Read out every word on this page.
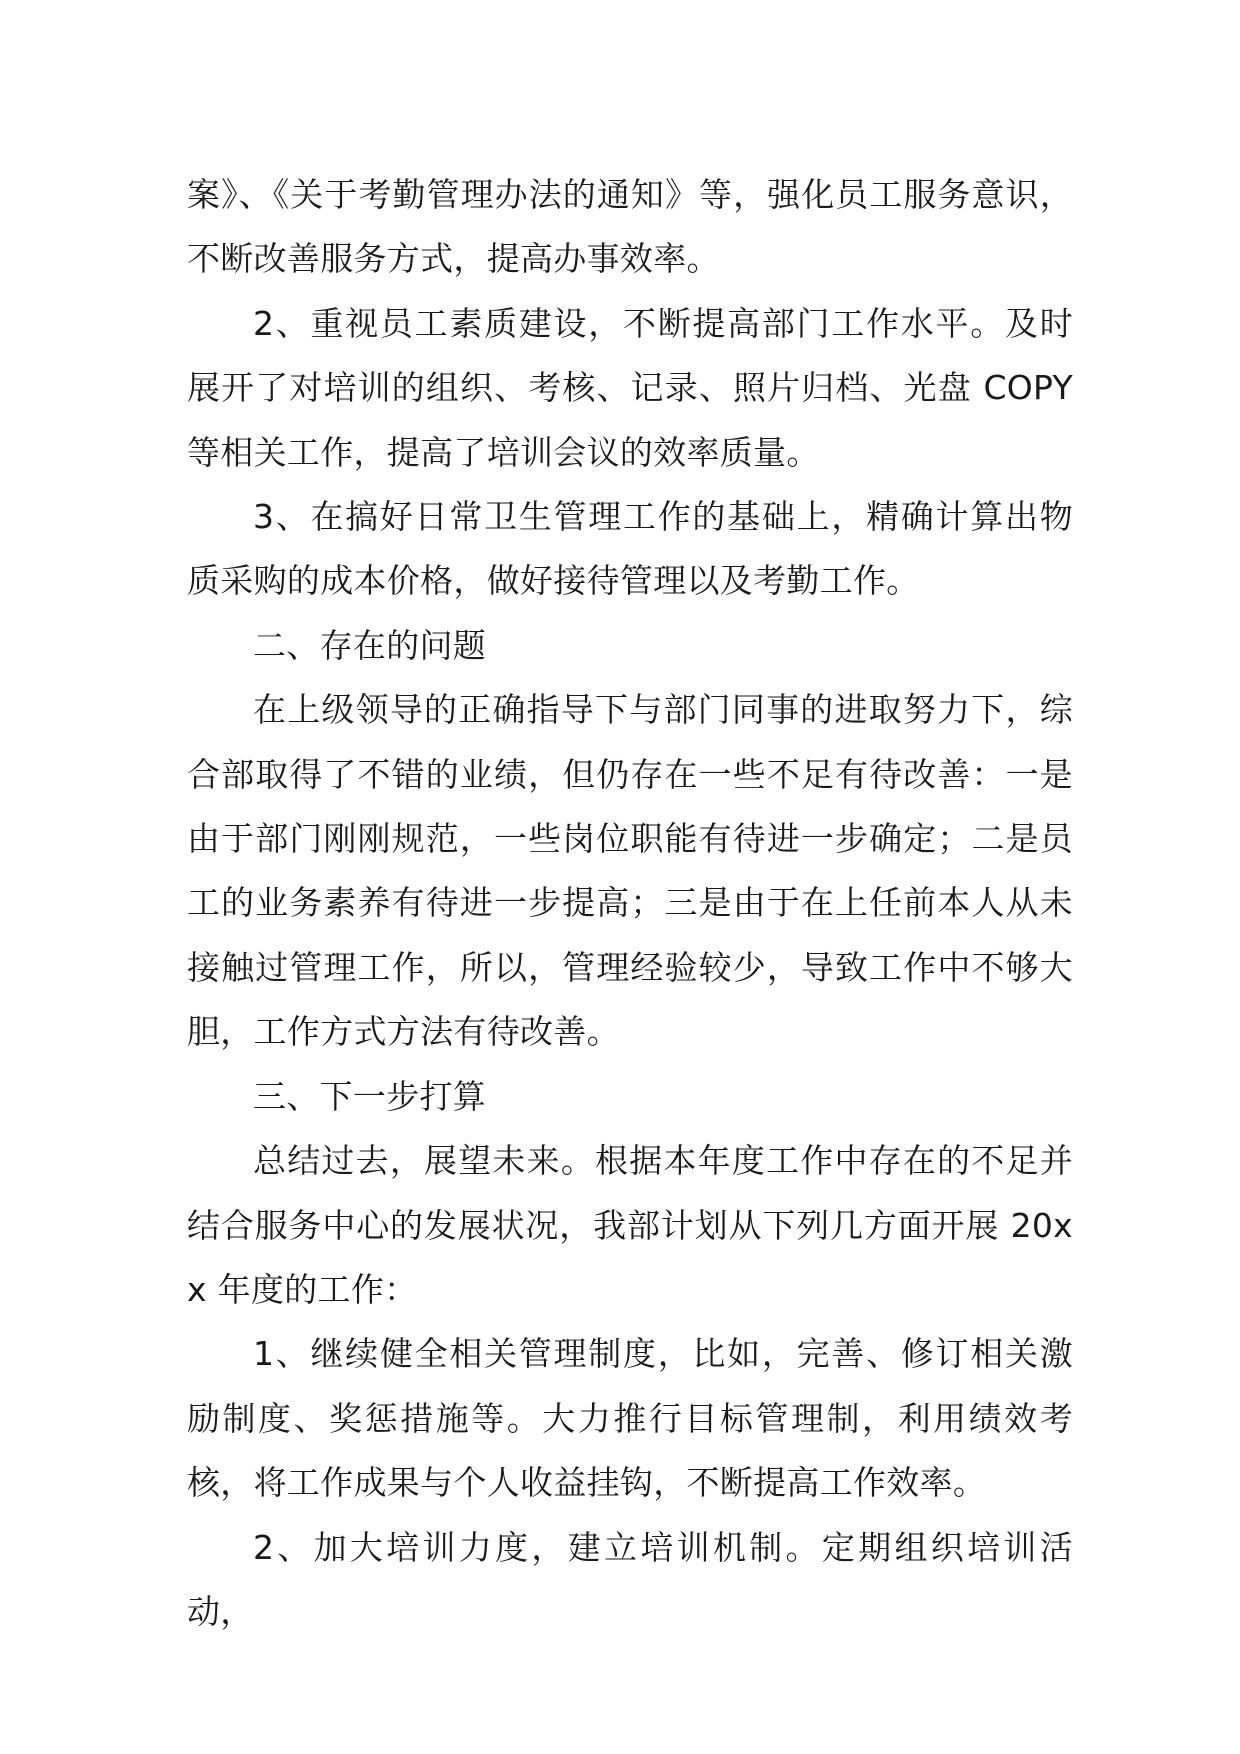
案》、《关于考勤管理办法的通知》等，强化员工服务意识，不断改善服务方式，提高办事效率。

2、重视员工素质建设，不断提高部门工作水平。及时展开了对培训的组织、考核、记录、照片归档、光盘 COPY 等相关工作，提高了培训会议的效率质量。

3、在搞好日常卫生管理工作的基础上，精确计算出物质采购的成本价格，做好接待管理以及考勤工作。

二、存在的问题

在上级领导的正确指导下与部门同事的进取努力下，综合部取得了不错的业绩，但仍存在一些不足有待改善：一是由于部门刚刚规范，一些岗位职能有待进一步确定；二是员工的业务素养有待进一步提高；三是由于在上任前本人从未接触过管理工作，所以，管理经验较少，导致工作中不够大胆，工作方式方法有待改善。

三、下一步打算

总结过去，展望未来。根据本年度工作中存在的不足并结合服务中心的发展状况，我部计划从下列几方面开展 20xx 年度的工作：

1、继续健全相关管理制度，比如，完善、修订相关激励制度、奖惩措施等。大力推行目标管理制，利用绩效考核，将工作成果与个人收益挂钩，不断提高工作效率。

2、加大培训力度，建立培训机制。定期组织培训活动，
